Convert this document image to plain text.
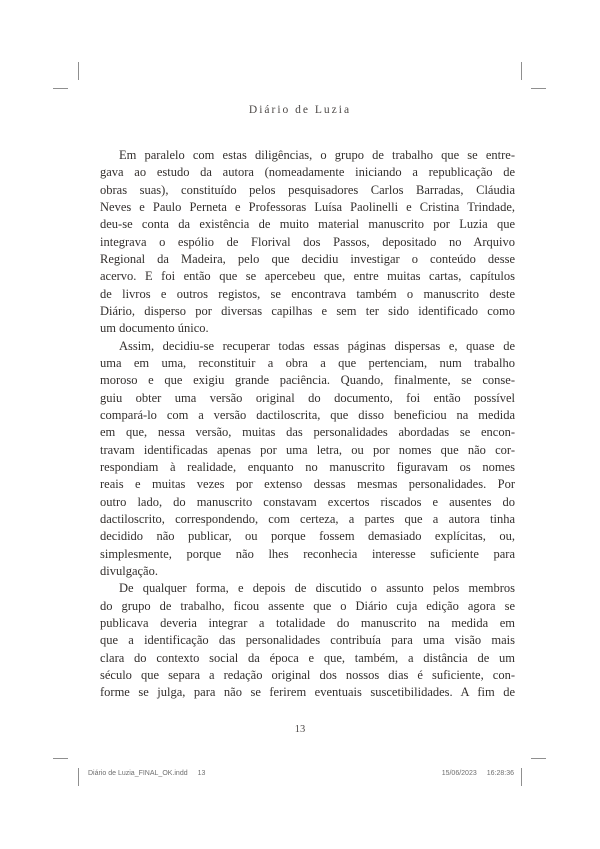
Diário de Luzia
Em paralelo com estas diligências, o grupo de trabalho que se entre-
gava ao estudo da autora (nomeadamente iniciando a republicação de
obras suas), constituído pelos pesquisadores Carlos Barradas, Cláudia
Neves e Paulo Perneta e Professoras Luísa Paolinelli e Cristina Trindade,
deu-se conta da existência de muito material manuscrito por Luzia que
integrava o espólio de Florival dos Passos, depositado no Arquivo
Regional da Madeira, pelo que decidiu investigar o conteúdo desse
acervo. E foi então que se apercebeu que, entre muitas cartas, capítulos
de livros e outros registos, se encontrava também o manuscrito deste
Diário, disperso por diversas capilhas e sem ter sido identificado como
um documento único.
Assim, decidiu-se recuperar todas essas páginas dispersas e, quase de
uma em uma, reconstituir a obra a que pertenciam, num trabalho
moroso e que exigiu grande paciência. Quando, finalmente, se conse-
guiu obter uma versão original do documento, foi então possível
compará-lo com a versão dactiloscrita, que disso beneficiou na medida
em que, nessa versão, muitas das personalidades abordadas se encon-
travam identificadas apenas por uma letra, ou por nomes que não cor-
respondiam à realidade, enquanto no manuscrito figuravam os nomes
reais e muitas vezes por extenso dessas mesmas personalidades. Por
outro lado, do manuscrito constavam excertos riscados e ausentes do
dactiloscrito, correspondendo, com certeza, a partes que a autora tinha
decidido não publicar, ou porque fossem demasiado explícitas, ou,
simplesmente, porque não lhes reconhecia interesse suficiente para
divulgação.
De qualquer forma, e depois de discutido o assunto pelos membros
do grupo de trabalho, ficou assente que o Diário cuja edição agora se
publicava deveria integrar a totalidade do manuscrito na medida em
que a identificação das personalidades contribuía para uma visão mais
clara do contexto social da época e que, também, a distância de um
século que separa a redação original dos nossos dias é suficiente, con-
forme se julga, para não se ferirem eventuais suscetibilidades. A fim de
13
Diário de Luzia_FINAL_OK.indd 13	15/06/2023 16:28:36
